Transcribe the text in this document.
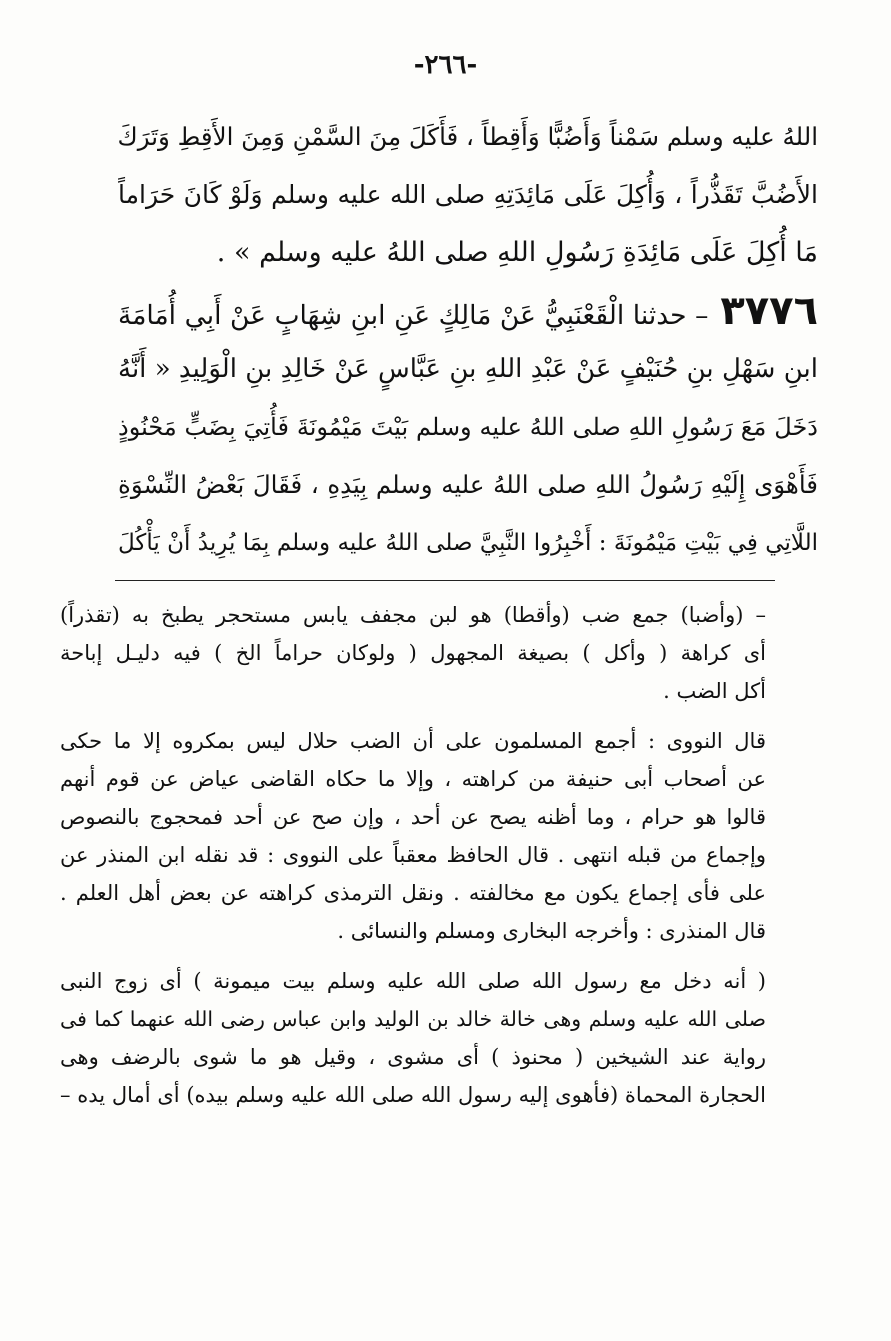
-٢٦٦-
اللهُ عليه وسلم سَمْناً وَأَضُبًّا وَأَقِطاً ، فَأَكَلَ مِنَ السَّمْنِ وَمِنَ الأَقِطِ وَتَرَكَ
الأَضُبَّ تَقَذُّراً ، وَأُكِلَ عَلَى مَائِدَتِهِ صلى الله عليه وسلم وَلَوْ كَانَ حَرَاماً
مَا أُكِلَ عَلَى مَائِدَةِ رَسُولِ اللهِ صلى اللهُ عليه وسلم » .
٣٧٧٦– حدثنا الْقَعْنَبِيُّ عَنْ مَالِكٍ عَنِ ابنِ شِهَابٍ عَنْ أَبِي أُمَامَةَ
ابنِ سَهْلِ بنِ حُنَيْفٍ عَنْ عَبْدِ اللهِ بنِ عَبَّاسٍ عَنْ خَالِدِ بنِ الْوَلِيدِ « أَنَّهُ
دَخَلَ مَعَ رَسُولِ اللهِ صلى اللهُ عليه وسلم بَيْتَ مَيْمُونَةَ فَأُتِيَ بِضَبٍّ مَحْنُوذٍ
فَأَهْوَى إِلَيْهِ رَسُولُ اللهِ صلى اللهُ عليه وسلم بِيَدِهِ ، فَقَالَ بَعْضُ النِّسْوَةِ
اللَّاتِي فِي بَيْتِ مَيْمُونَةَ : أَخْبِرُوا النَّبِيَّ صلى اللهُ عليه وسلم بِمَا يُرِيدُ أَنْ يَأْكُلَ
– (وأضبا) جمع ضب (وأقطا) هو لبن مجفف يابس مستحجر يطبخ به (تقذراً)
أى كراهة ( وأكل ) بصيغة المجهول ( ولوكان حراماً الخ ) فيه دليـل إباحة
أكل الضب .
قال النووى : أجمع المسلمون على أن الضب حلال ليس بمكروه إلا ما حكى
عن أصحاب أبى حنيفة من كراهته ، وإلا ما حكاه القاضى عياض عن قوم أنهم
قالوا هو حرام ، وما أظنه يصح عن أحد ، وإن صح عن أحد فمحجوج بالنصوص
وإجماع من قبله انتهى . قال الحافظ معقباً على النووى : قد نقله ابن المنذر عن
على فأى إجماع يكون مع مخالفته . ونقل الترمذى كراهته عن بعض أهل العلم .
قال المنذرى : وأخرجه البخارى ومسلم والنسائى .
( أنه دخل مع رسول الله صلى الله عليه وسلم بيت ميمونة ) أى زوج النبى
صلى الله عليه وسلم وهى خالة خالد بن الوليد وابن عباس رضى الله عنهما كما فى
رواية عند الشيخين ( محنوذ ) أى مشوى ، وقيل هو ما شوى بالرضف وهى
الحجارة المحماة (فأهوى إليه رسول الله صلى الله عليه وسلم بيده) أى أمال يده –
